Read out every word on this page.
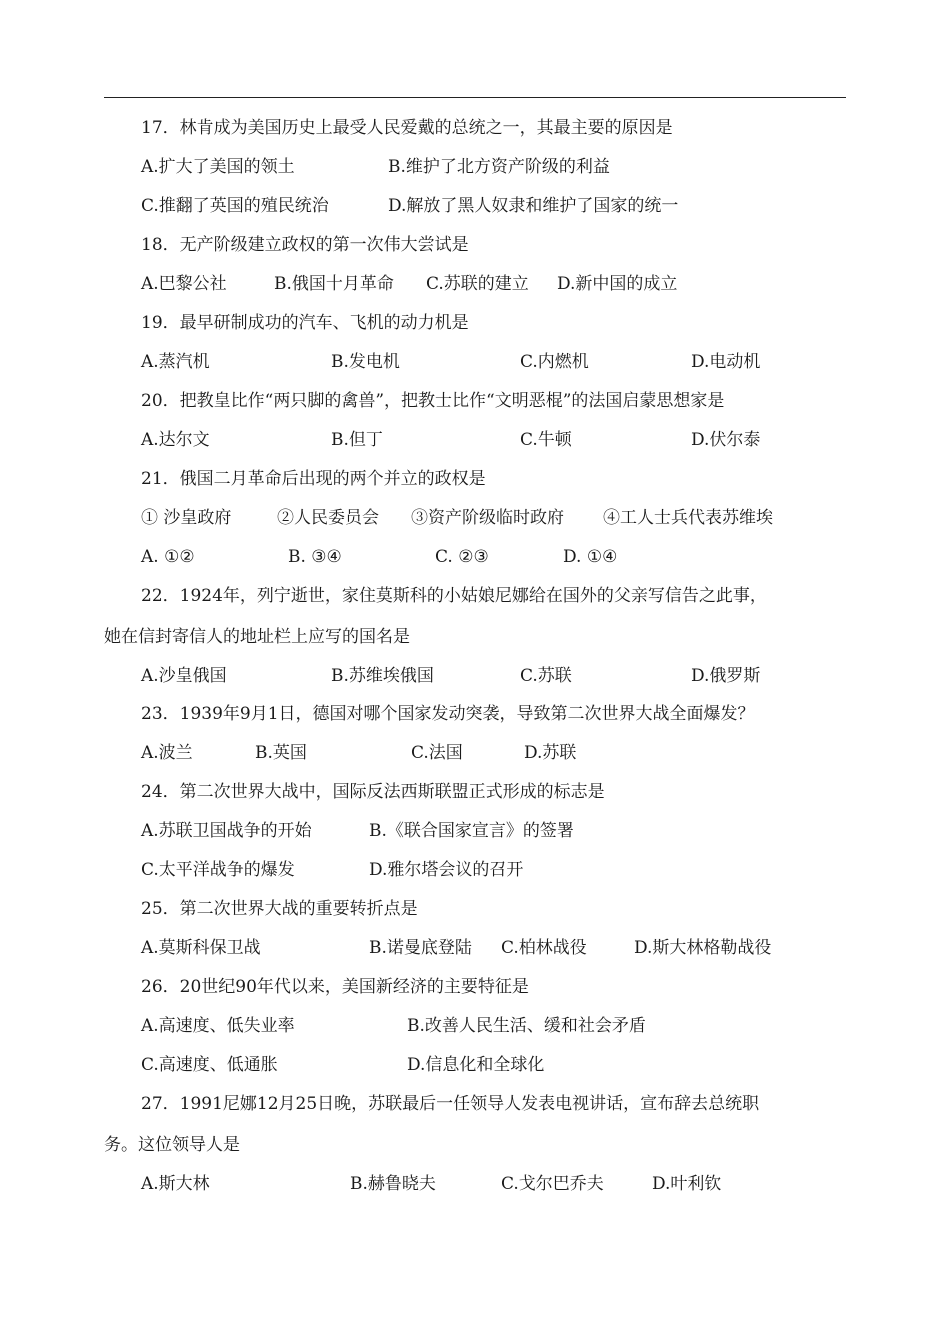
17．林肯成为美国历史上最受人民爱戴的总统之一，其最主要的原因是
A.扩大了美国的领土	B.维护了北方资产阶级的利益
C.推翻了英国的殖民统治	D.解放了黑人奴隶和维护了国家的统一
18．无产阶级建立政权的第一次伟大尝试是
A.巴黎公社	B.俄国十月革命 C.苏联的建立 D.新中国的成立
19．最早研制成功的汽车、飞机的动力机是
A.蒸汽机	B.发电机	C.内燃机	D.电动机
20．把教皇比作“两只脚的禽兽”，把教士比作“文明恶棍”的法国启蒙思想家是
A.达尔文	B.但丁	C.牛顿	D.伏尔泰
21．俄国二月革命后出现的两个并立的政权是
① 沙皇政府	②人民委员会 ③资产阶级临时政府 ④工人士兵代表苏维埃
A. ①②	B. ③④	C. ②③	D. ①④
22．1924年，列宁逝世，家住莫斯科的小姑娘尼娜给在国外的父亲写信告之此事，
她在信封寄信人的地址栏上应写的国名是
A.沙皇俄国	B.苏维埃俄国	C.苏联	D.俄罗斯
23．1939年9月1日，德国对哪个国家发动突袭，导致第二次世界大战全面爆发？
A.波兰	B.英国	C.法国	D.苏联
24．第二次世界大战中，国际反法西斯联盟正式形成的标志是
A.苏联卫国战争的开始	B.《联合国家宣言》的签署
C.太平洋战争的爆发	D.雅尔塔会议的召开
25．第二次世界大战的重要转折点是
A.莫斯科保卫战	B.诺曼底登陆 C.柏林战役	D.斯大林格勒战役
26．20世纪90年代以来，美国新经济的主要特征是
A.高速度、低失业率	B.改善人民生活、缓和社会矛盾
C.高速度、低通胀	D.信息化和全球化
27．1991尼娜12月25日晚，苏联最后一任领导人发表电视讲话，宣布辞去总统职
务。这位领导人是
A.斯大林	B.赫鲁晓夫	C.戈尔巴乔夫	D.叶利钦
